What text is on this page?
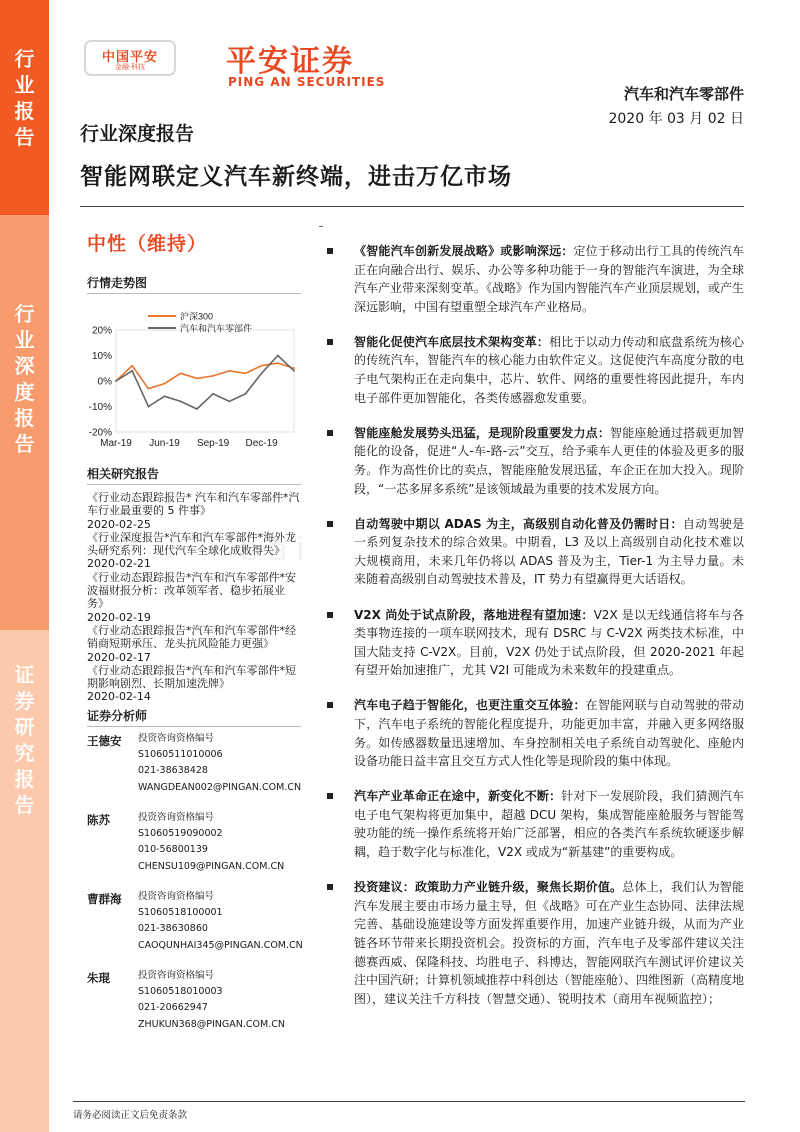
行
业
报
告
行
业
深
度
报
告
证
券
研
究
报
告
中国平安
金融·科技	平安证券
PING AN SECURITIES
汽车和汽车零部件
2020 年 03 月 02 日
行业深度报告
智能网联定义汽车新终端，进击万亿市场
bai
中性（维持）
行情走势图
20%
10%
0%
-10%
-20%
Mar-19 Jun-19 Sep-19 Dec-19
沪深300
汽车和汽车零部件
相关研究报告
《行业动态跟踪报告* 汽车和汽车零部件*汽车行业最重要的 5 件事》
2020-02-25
《行业深度报告*汽车和汽车零部件*海外龙头研究系列：现代汽车全球化成败得失》
2020-02-21
《行业动态跟踪报告*汽车和汽车零部件*安波福财报分析：改革领军者、稳步拓展业务》
2020-02-19
《行业动态跟踪报告*汽车和汽车零部件*经销商短期承压、龙头抗风险能力更强》
2020-02-17
《行业动态跟踪报告*汽车和汽车零部件*短期影响剧烈、长期加速洗牌》
2020-02-14
证券分析师
王德安 投资咨询资格编号
S1060511010006
021-38638428
WANGDEAN002@PINGAN.COM.CN
陈苏	投资咨询资格编号
S1060519090002
010-56800139
CHENSU109@PINGAN.COM.CN
曹群海 投资咨询资格编号
S1060518100001
021-38630860
CAOQUNHAI345@PINGAN.COM.CN
朱琨	投资咨询资格编号
S1060518010003
021-20662947
ZHUKUN368@PINGAN.COM.CN
《智能汽车创新发展战略》或影响深远：定位于移动出行工具的传统汽车正在向融合出行、娱乐、办公等多种功能于一身的智能汽车演进，为全球汽车产业带来深刻变革。《战略》作为国内智能汽车产业顶层规划，或产生深远影响，中国有望重塑全球汽车产业格局。
智能化促使汽车底层技术架构变革：相比于以动力传动和底盘系统为核心的传统汽车，智能汽车的核心能力由软件定义。这促使汽车高度分散的电子电气架构正在走向集中，芯片、软件、网络的重要性将因此提升，车内电子部件更加智能化，各类传感器愈发重要。
智能座舱发展势头迅猛，是现阶段重要发力点：智能座舱通过搭载更加智能化的设备，促进“人-车-路-云”交互，给予乘车人更佳的体验及更多的服务。作为高性价比的卖点，智能座舱发展迅猛，车企正在加大投入。现阶段，“一芯多屏多系统”是该领域最为重要的技术发展方向。
自动驾驶中期以 ADAS 为主，高级别自动化普及仍需时日：自动驾驶是一系列复杂技术的综合效果。中期看，L3 及以上高级别自动化技术难以大规模商用，未来几年仍将以 ADAS 普及为主，Tier-1 为主导力量。未来随着高级别自动驾驶技术普及，IT 势力有望赢得更大话语权。
V2X 尚处于试点阶段，落地进程有望加速：V2X 是以无线通信将车与各类事物连接的一项车联网技术，现有 DSRC 与 C-V2X 两类技术标准，中国大陆支持 C-V2X。目前，V2X 仍处于试点阶段，但 2020-2021 年起有望开始加速推广，尤其 V2I 可能成为未来数年的投建重点。
汽车电子趋于智能化，也更注重交互体验：在智能网联与自动驾驶的带动下，汽车电子系统的智能化程度提升，功能更加丰富，并融入更多网络服务。如传感器数量迅速增加、车身控制相关电子系统自动驾驶化、座舱内设备功能日益丰富且交互方式人性化等是现阶段的集中体现。
汽车产业革命正在途中，新变化不断：针对下一发展阶段，我们猜测汽车电子电气架构将更加集中，超越 DCU 架构，集成智能座舱服务与智能驾驶功能的统一操作系统将开始广泛部署，相应的各类汽车系统软硬逐步解耦，趋于数字化与标准化，V2X 或成为“新基建”的重要构成。
投资建议：政策助力产业链升级，聚焦长期价值。总体上，我们认为智能汽车发展主要由市场力量主导，但《战略》可在产业生态协同、法律法规完善、基础设施建设等方面发挥重要作用，加速产业链升级，从而为产业链各环节带来长期投资机会。投资标的方面，汽车电子及零部件建议关注德赛西威、保隆科技、均胜电子、科博达，智能网联汽车测试评价建议关注中国汽研；计算机领域推荐中科创达（智能座舱）、四维图新（高精度地图），建议关注千方科技（智慧交通）、锐明技术（商用车视频监控）；
请务必阅读正文后免责条款
